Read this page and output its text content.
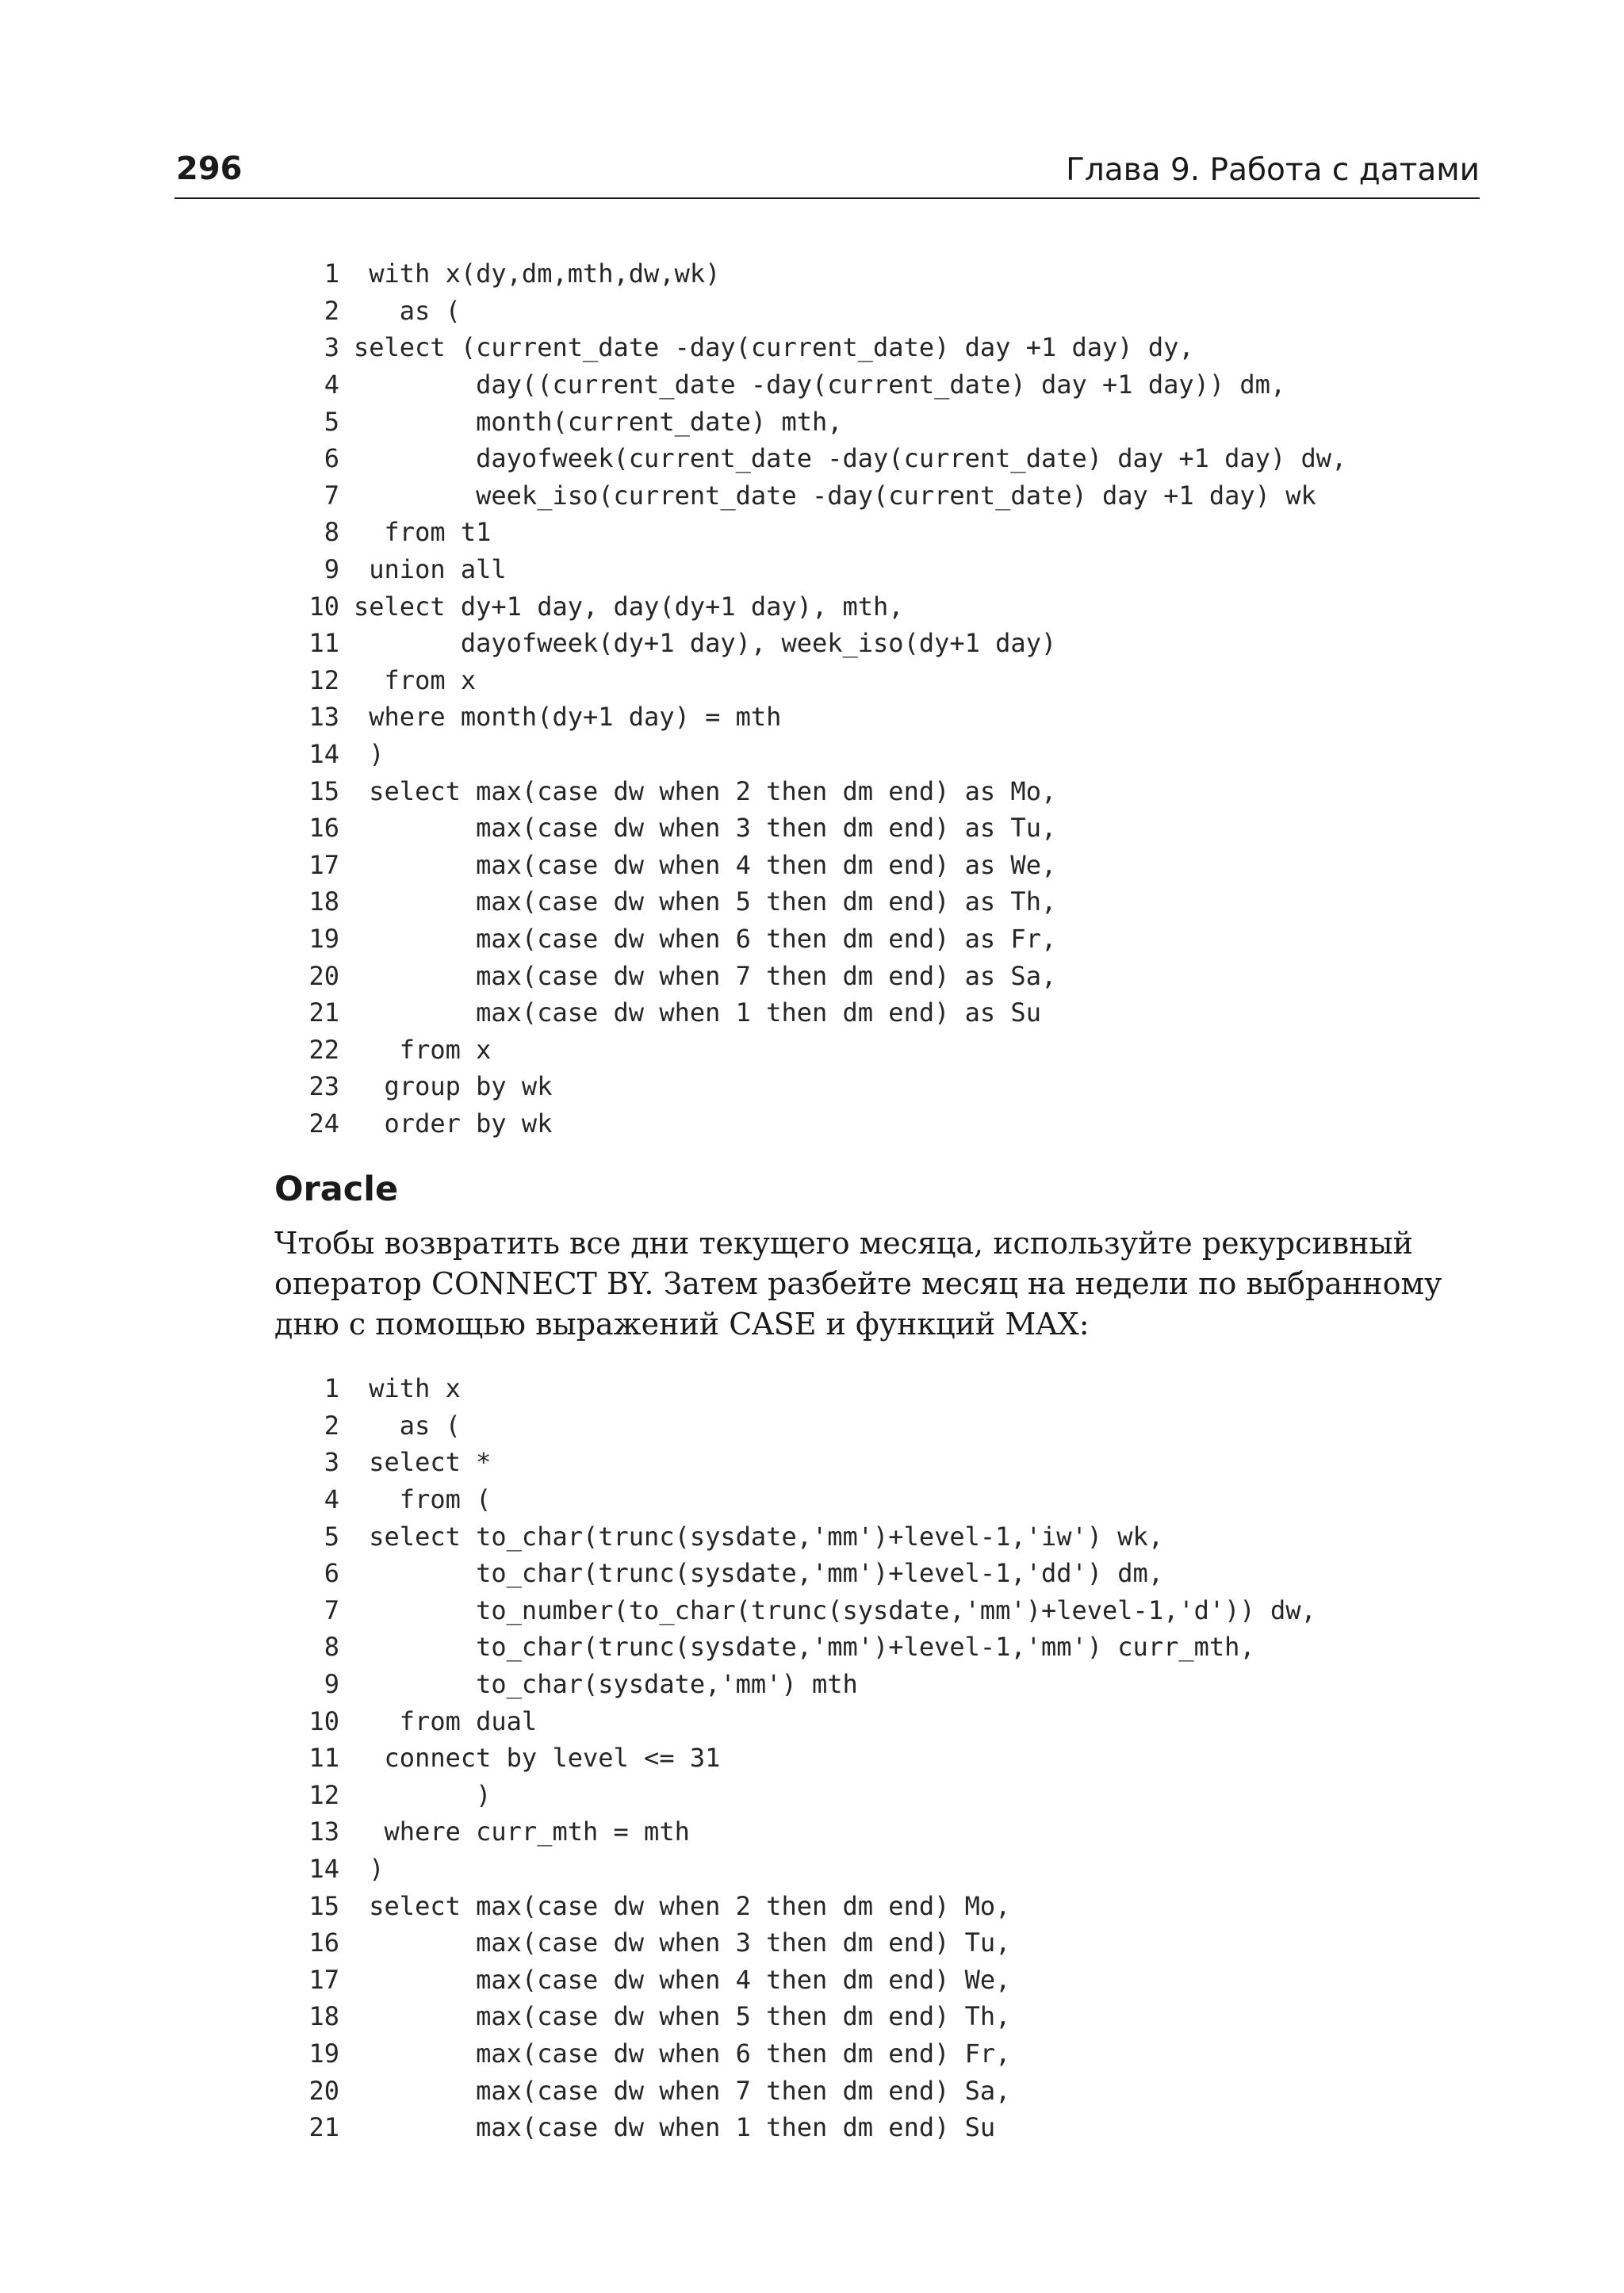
296	Глава 9. Работа с датами
1 with x(dy,dm,mth,dw,wk)
2 as (
3 select (current_date -day(current_date) day +1 day) dy,
4 day((current_date -day(current_date) day +1 day)) dm,
5 month(current_date) mth,
6 dayofweek(current_date -day(current_date) day +1 day) dw,
7 week_iso(current_date -day(current_date) day +1 day) wk
8 from t1
9 union all
10 select dy+1 day, day(dy+1 day), mth,
11 dayofweek(dy+1 day), week_iso(dy+1 day)
12 from x
13 where month(dy+1 day) = mth
14 )
15 select max(case dw when 2 then dm end) as Mo,
16 max(case dw when 3 then dm end) as Tu,
17 max(case dw when 4 then dm end) as We,
18 max(case dw when 5 then dm end) as Th,
19 max(case dw when 6 then dm end) as Fr,
20 max(case dw when 7 then dm end) as Sa,
21 max(case dw when 1 then dm end) as Su
22 from x
23 group by wk
24 order by wk
Oracle

Чтобы возвратить все дни текущего месяца, используйте рекурсивный оператор CONNECT BY. Затем разбейте месяц на недели по выбранному дню с помощью выражений CASE и функций MAX:

1 with x
2 as (
3 select *
4 from (
5 select to_char(trunc(sysdate,'mm')+level-1,'iw') wk,
6 to_char(trunc(sysdate,'mm')+level-1,'dd') dm,
7 to_number(to_char(trunc(sysdate,'mm')+level-1,'d')) dw,
8 to_char(trunc(sysdate,'mm')+level-1,'mm') curr_mth,
9 to_char(sysdate,'mm') mth
10 from dual
11 connect by level <= 31
12 )
13 where curr_mth = mth
14 )
15 select max(case dw when 2 then dm end) Mo,
16 max(case dw when 3 then dm end) Tu,
17 max(case dw when 4 then dm end) We,
18 max(case dw when 5 then dm end) Th,
19 max(case dw when 6 then dm end) Fr,
20 max(case dw when 7 then dm end) Sa,
21 max(case dw when 1 then dm end) Su
